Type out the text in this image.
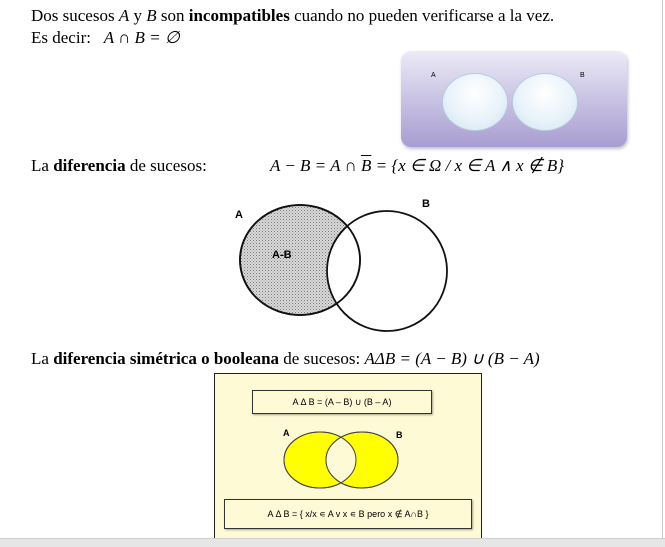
Dos sucesos A y B son incompatibles cuando no pueden verificarse a la vez.
Es decir: A ∩ B = ∅
A	B
La diferencia de sucesos:	A − B = A ∩ $\overline{B} = \{x$ ∈ Ω / x ∈ A ∧ x ∉ B}
A
B
A-B
La diferencia simétrica o booleana de sucesos: AΔB = (A − B) ∪ (B − A)
A Δ B = (A – B) ∪ (B – A)
A	B
A Δ B = { x/x ∊ A v x ∊ B pero x ∉ A∩B }
